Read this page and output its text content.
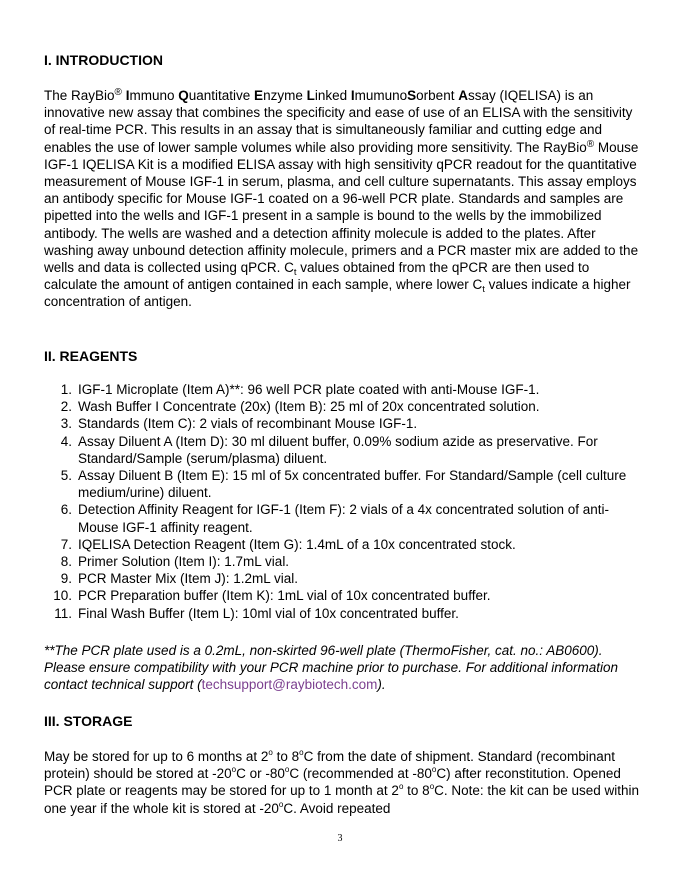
I. INTRODUCTION

The RayBio® Immuno Quantitative Enzyme Linked ImumunoSorbent Assay (IQELISA) is an innovative new assay that combines the specificity and ease of use of an ELISA with the sensitivity of real-time PCR. This results in an assay that is simultaneously familiar and cutting edge and enables the use of lower sample volumes while also providing more sensitivity. The RayBio® Mouse IGF-1 IQELISA Kit is a modified ELISA assay with high sensitivity qPCR readout for the quantitative measurement of Mouse IGF-1 in serum, plasma, and cell culture supernatants. This assay employs an antibody specific for Mouse IGF-1 coated on a 96-well PCR plate. Standards and samples are pipetted into the wells and IGF-1 present in a sample is bound to the wells by the immobilized antibody. The wells are washed and a detection affinity molecule is added to the plates. After washing away unbound detection affinity molecule, primers and a PCR master mix are added to the wells and data is collected using qPCR. $C_t$ values obtained from the qPCR are then used to calculate the amount of antigen contained in each sample, where lower $C_t$ values indicate a higher concentration of antigen.

II. REAGENTS
1. IGF-1 Microplate (Item A)**: 96 well PCR plate coated with anti-Mouse IGF-1.
2. Wash Buffer I Concentrate (20x) (Item B): 25 ml of 20x concentrated solution.
3. Standards (Item C): 2 vials of recombinant Mouse IGF-1.
4. Assay Diluent A (Item D): 30 ml diluent buffer, 0.09% sodium azide as preservative. For Standard/Sample (serum/plasma) diluent.
5. Assay Diluent B (Item E): 15 ml of 5x concentrated buffer. For Standard/Sample (cell culture medium/urine) diluent.
6. Detection Affinity Reagent for IGF-1 (Item F): 2 vials of a 4x concentrated solution of anti-Mouse IGF-1 affinity reagent.
7. IQELISA Detection Reagent (Item G): 1.4mL of a 10x concentrated stock.
8. Primer Solution (Item I): 1.7mL vial.
9. PCR Master Mix (Item J): 1.2mL vial.
10. PCR Preparation buffer (Item K): 1mL vial of 10x concentrated buffer.
11. Final Wash Buffer (Item L): 10ml vial of 10x concentrated buffer.

**The PCR plate used is a 0.2mL, non-skirted 96-well plate (ThermoFisher, cat. no.: AB0600). Please ensure compatibility with your PCR machine prior to purchase. For additional information contact technical support (techsupport@raybiotech.com).

III. STORAGE

May be stored for up to 6 months at 2$^o$ to 8$^o$C from the date of shipment. Standard (recombinant protein) should be stored at -20$^o$C or -80$^o$C (recommended at -80$^o$C) after reconstitution. Opened PCR plate or reagents may be stored for up to 1 month at 2$^o$ to 8$^o$C. Note: the kit can be used within one year if the whole kit is stored at -20$^o$C. Avoid repeated

3
